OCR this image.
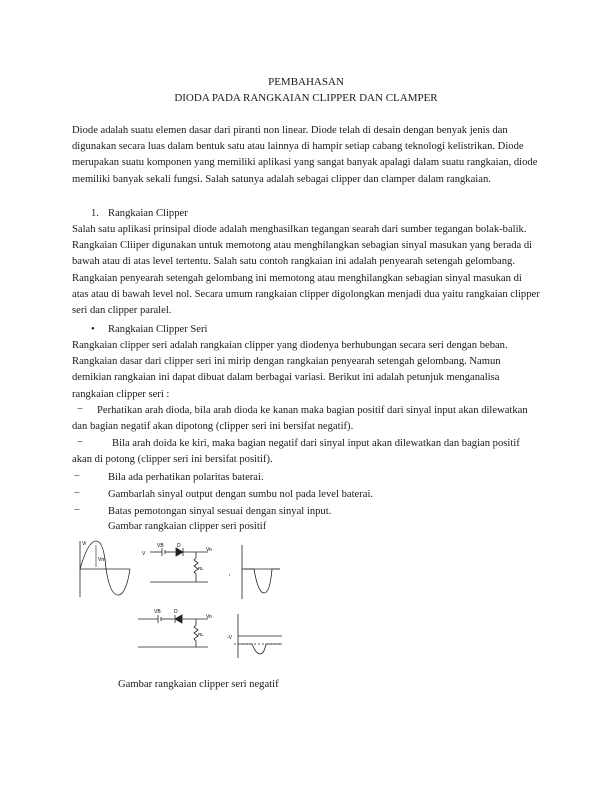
PEMBAHASAN
DIODA PADA RANGKAIAN CLIPPER DAN CLAMPER

Diode adalah suatu elemen dasar dari piranti non linear. Diode telah di desain dengan benyak jenis dan digunakan secara luas dalam bentuk satu atau lainnya di hampir setiap cabang teknologi kelistrikan. Diode merupakan suatu komponen yang memiliki aplikasi yang sangat banyak apalagi dalam suatu rangkaian, diode memiliki banyak sekali fungsi. Salah satunya adalah sebagai clipper dan clamper dalam rangkaian.

1. Rangkaian Clipper

Salah satu aplikasi prinsipal diode adalah menghasilkan tegangan searah dari sumber tegangan bolak-balik. Rangkaian Cliiper digunakan untuk memotong atau menghilangkan sebagian sinyal masukan yang berada di bawah atau di atas level tertentu. Salah satu contoh rangkaian ini adalah penyearah setengah gelombang. Rangkaian penyearah setengah gelombang ini memotong atau menghilangkan sebagian sinyal masukan di atas atau di bawah level nol. Secara umum rangkaian clipper digolongkan menjadi dua yaitu rangkaian clipper seri dan clipper paralel.

• Rangkaian Clipper Seri

Rangkaian clipper seri adalah rangkaian clipper yang diodenya berhubungan secara seri dengan beban. Rangkaian dasar dari clipper seri ini mirip dengan rangkaian penyearah setengah gelombang. Namun demikian rangkaian ini dapat dibuat dalam berbagai variasi. Berikut ini adalah petunjuk menganalisa rangkaian clipper seri :

−	Perhatikan arah dioda, bila arah dioda ke kanan maka bagian positif dari sinyal input akan dilewatkan dan bagian negatif akan dipotong (clipper seri ini bersifat negatif).
−	Bila arah doida ke kiri, maka bagian negatif dari sinyal input akan dilewatkan dan bagian positif akan di potong (clipper seri ini bersifat positif).
−	Bila ada perhatikan polaritas baterai.
−	Gambarlah sinyal output dengan sumbu nol pada level baterai.
−	Batas pemotongan sinyal sesuai dengan sinyal input.
Gambar rangkaian clipper seri positif
Vi
Vm
V
VB	D
Vo
RL
·
VB	D
Vo
RL
-V
Gambar rangkaian clipper seri negatif
